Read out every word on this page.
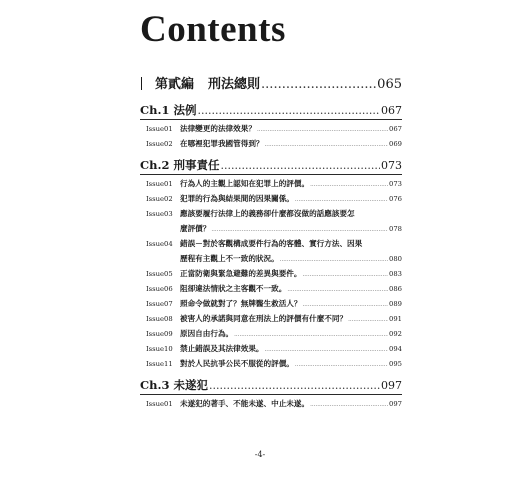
Contents
第貳編 刑法總則 .....	065
Ch.1 法例 .....	067
Issue01 法律變更的法律效果？ .....	067
Issue02 在哪裡犯罪我國管得到？ .....	069
Ch.2 刑事責任 .....	073
Issue01 行為人的主觀上認知在犯罪上的評價。 .....	073
Issue02 犯罪的行為與結果間的因果關係。 .....	076
Issue03 應該要履行法律上的義務卻什麼都沒做的話應該要怎
麼評價？ .....	078
Issue04 錯誤－對於客觀構成要件行為的客體、實行方法、因果
歷程有主觀上不一致的狀況。 .....	080
Issue05 正當防衛與緊急避難的差異與要件。 .....	083
Issue06 阻卻違法情狀之主客觀不一致。 .....	086
Issue07 照命令做就對了？無牌醫生救活人？ .....	089
Issue08 被害人的承諾與同意在刑法上的評價有什麼不同？ .....	091
Issue09 原因自由行為。 .....	092
Issue10 禁止錯誤及其法律效果。 .....	094
Issue11 對於人民抗爭公民不服從的評價。 .....	095
Ch.3 未遂犯 .....	097
Issue01 未遂犯的著手、不能未遂、中止未遂。 .....	097
-4-
